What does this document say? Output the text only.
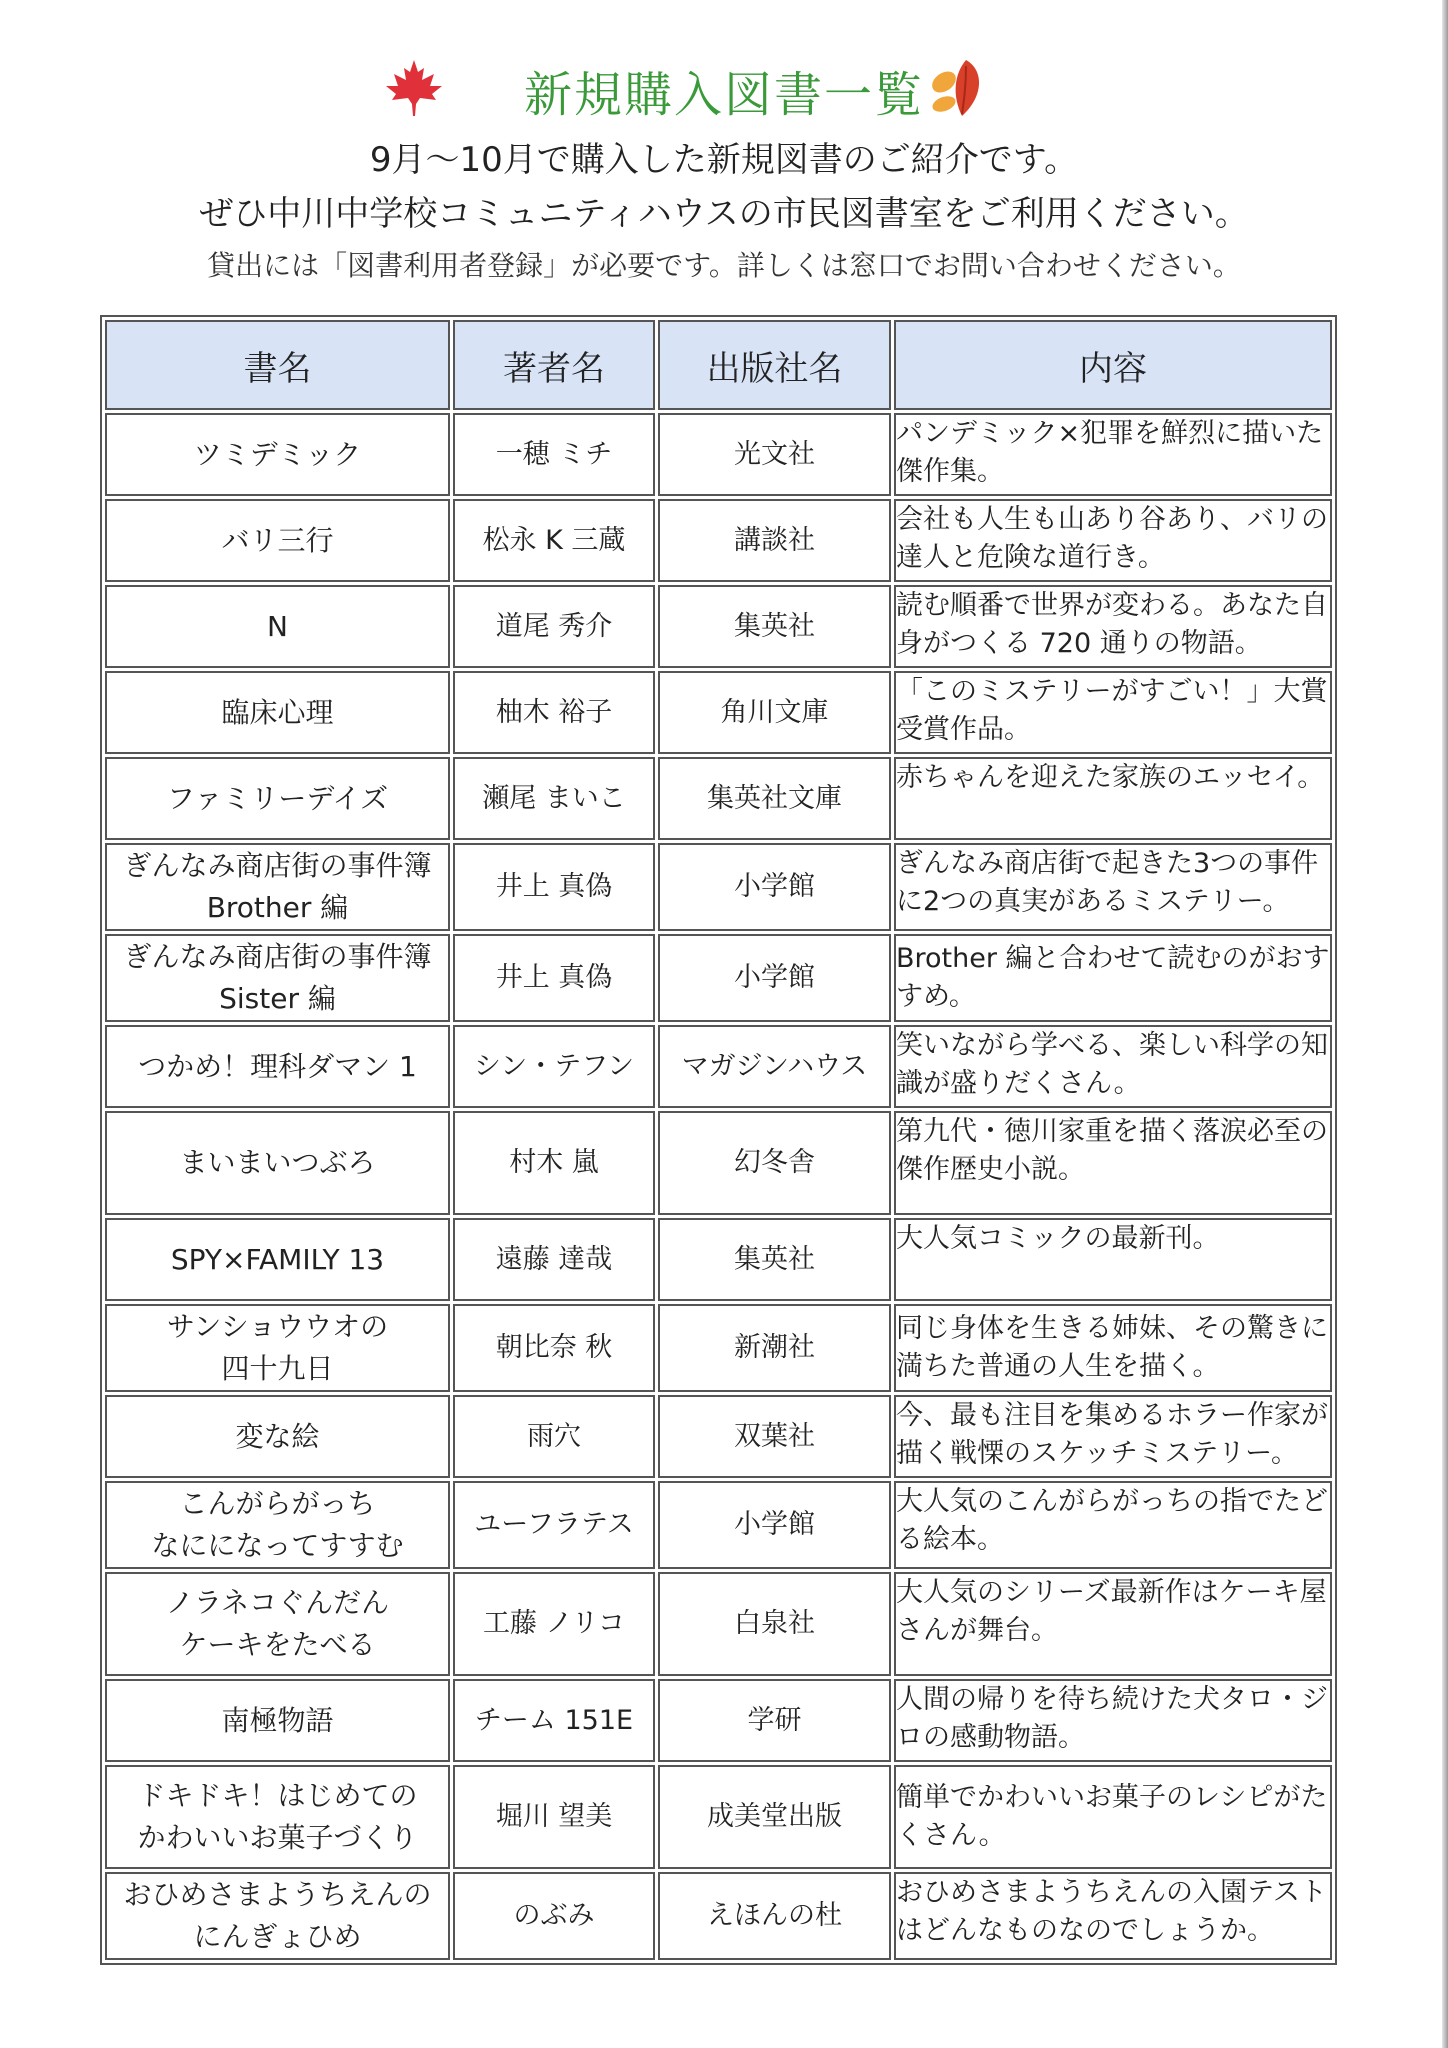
新規購入図書一覧
9月～10月で購入した新規図書のご紹介です。
ぜひ中川中学校コミュニティハウスの市民図書室をご利用ください。
貸出には「図書利用者登録」が必要です。詳しくは窓口でお問い合わせください。
書名	著者名	出版社名	内容

ツミデミック	一穂 ミチ	光文社	パンデミック×犯罪を鮮烈に描いた傑作集。

バリ三行	松永 K 三蔵	講談社	会社も人生も山あり谷あり、バリの達人と危険な道行き。

N	道尾 秀介	集英社	読む順番で世界が変わる。あなた自身がつくる 720 通りの物語。

臨床心理	柚木 裕子	角川文庫	「このミステリーがすごい！」大賞受賞作品。

ファミリーデイズ	瀬尾 まいこ	集英社文庫	赤ちゃんを迎えた家族のエッセイ。

ぎんなみ商店街の事件簿
Brother 編	井上 真偽	小学館	ぎんなみ商店街で起きた3つの事件に2つの真実があるミステリー。

ぎんなみ商店街の事件簿
Sister 編	井上 真偽	小学館	Brother 編と合わせて読むのがおすすめ。

つかめ！理科ダマン 1	シン・テフン	マガジンハウス	笑いながら学べる、楽しい科学の知識が盛りだくさん。

まいまいつぶろ	村木 嵐	幻冬舎	第九代・徳川家重を描く落涙必至の傑作歴史小説。

SPY×FAMILY 13	遠藤 達哉	集英社	大人気コミックの最新刊。

サンショウウオの
四十九日	朝比奈 秋	新潮社	同じ身体を生きる姉妹、その驚きに満ちた普通の人生を描く。

変な絵	雨穴	双葉社	今、最も注目を集めるホラー作家が描く戦慄のスケッチミステリー。

こんがらがっち
なにになってすすむ	ユーフラテス	小学館	大人気のこんがらがっちの指でたどる絵本。

ノラネコぐんだん
ケーキをたべる	工藤 ノリコ	白泉社	大人気のシリーズ最新作はケーキ屋さんが舞台。

南極物語	チーム 151E	学研	人間の帰りを待ち続けた犬タロ・ジロの感動物語。

ドキドキ！はじめての
かわいいお菓子づくり	堀川 望美	成美堂出版	簡単でかわいいお菓子のレシピがたくさん。

おひめさまようちえんの
にんぎょひめ	のぶみ	えほんの杜	おひめさまようちえんの入園テストはどんなものなのでしょうか。
